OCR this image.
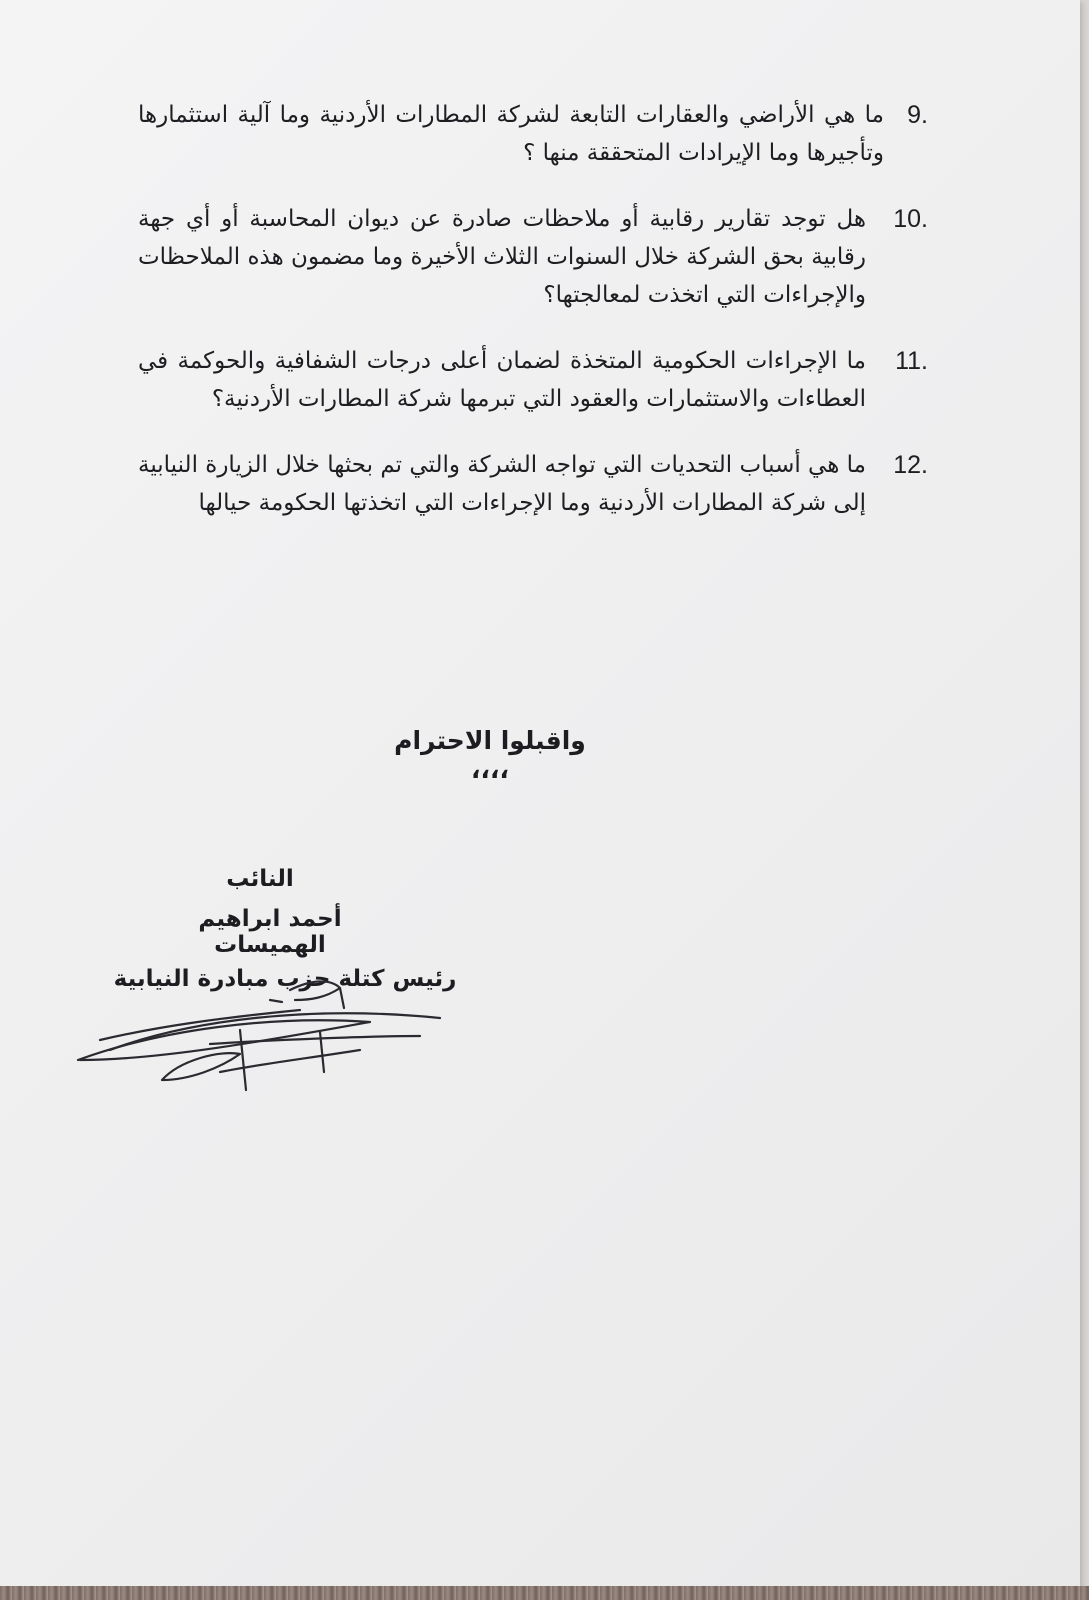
9.
ما هي الأراضي والعقارات التابعة لشركة المطارات الأردنية وما آلية استثمارها وتأجيرها وما الإيرادات المتحققة منها ؟
10.
هل توجد تقارير رقابية أو ملاحظات صادرة عن ديوان المحاسبة أو أي جهة رقابية بحق الشركة خلال السنوات الثلاث الأخيرة وما مضمون هذه الملاحظات والإجراءات التي اتخذت لمعالجتها؟
11.
ما الإجراءات الحكومية المتخذة لضمان أعلى درجات الشفافية والحوكمة في العطاءات والاستثمارات والعقود التي تبرمها شركة المطارات الأردنية؟
12.
ما هي أسباب التحديات التي تواجه الشركة والتي تم بحثها خلال الزيارة النيابية إلى شركة المطارات الأردنية وما الإجراءات التي اتخذتها الحكومة حيالها
واقبلوا الاحترام ،،،،
النائب
أحمد ابراهيم الهميسات
رئيس كتلة حزب مبادرة النيابية
